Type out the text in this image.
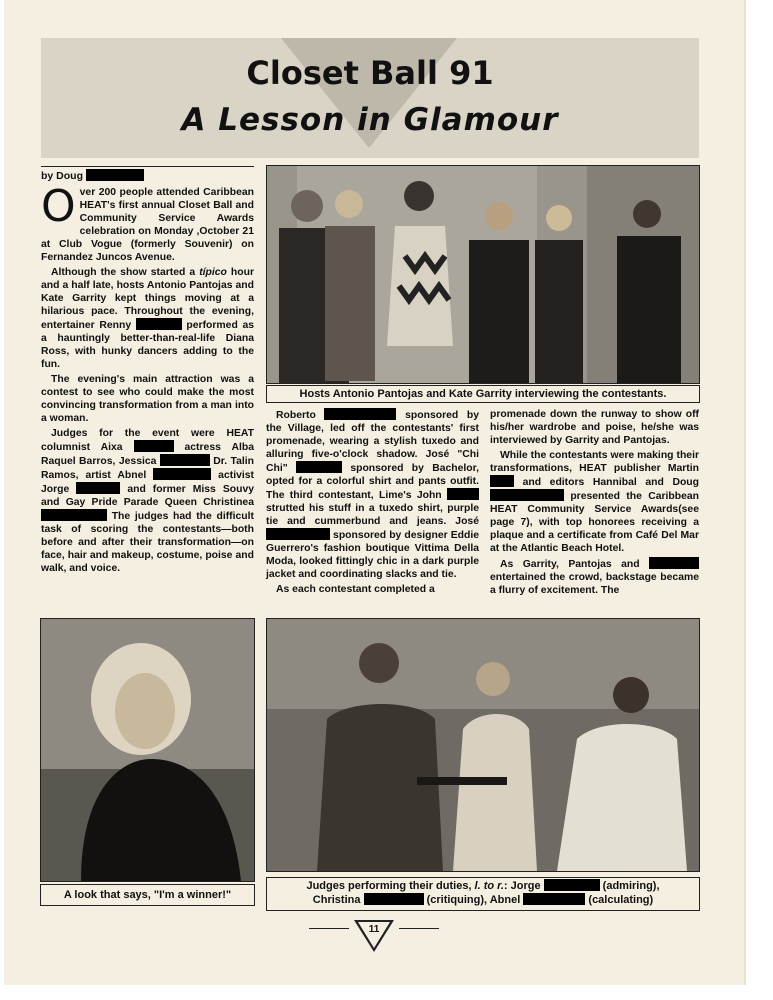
Closet Ball 91
A Lesson in Glamour
by Doug

Over 200 people attended Caribbean HEAT's first annual Closet Ball and Community Service Awards celebration on Monday ,October 21 at Club Vogue (formerly Souvenir) on Fernandez Juncos Avenue.

Although the show started a típico hour and a half late, hosts Antonio Pantojas and Kate Garrity kept things moving at a hilarious pace. Throughout the evening, entertainer Renny	performed as a hauntingly better-than-real-life Diana Ross, with hunky dancers adding to the fun.

The evening's main attraction was a contest to see who could make the most convincing transformation from a man into a woman.

Judges for the event were HEAT columnist Aixa	actress Alba Raquel Barros, Jessica	Dr. Talin Ramos, artist Abnel	activist Jorge	and former Miss Souvy and Gay Pride Parade Queen Christinea  The judges had the difficult task of scoring the contestants—both before and after their transformation—on face, hair and makeup, costume, poise and walk, and voice.

Hosts Antonio Pantojas and Kate Garrity interviewing the contestants.

Roberto	sponsored by the Village, led off the contestants' first promenade, wearing a stylish tuxedo and alluring five-o'clock shadow. José "Chi Chi"	sponsored by Bachelor, opted for a colorful shirt and pants outfit. The third contestant, Lime's John  strutted his stuff in a tuxedo shirt, purple tie and cummerbund and jeans. José  sponsored by designer Eddie Guerrero's fashion boutique Vittima Della Moda, looked fittingly chic in a dark purple jacket and coordinating slacks and tie.

As each contestant completed a

promenade down the runway to show off his/her wardrobe and poise, he/she was interviewed by Garrity and Pantojas.

While the contestants were making their transformations, HEAT publisher Martin  and editors Hannibal and Doug  presented the Caribbean HEAT Community Service Awards(see page 7), with top honorees receiving a plaque and a certificate from Café Del Mar at the Atlantic Beach Hotel.

As Garrity, Pantojas and  entertained the crowd, backstage became a flurry of excitement. The

A look that says, "I'm a winner!"
Judges performing their duties, l. to r.: Jorge	(admiring),
Christina	(critiquing), Abnel	(calculating)
11
